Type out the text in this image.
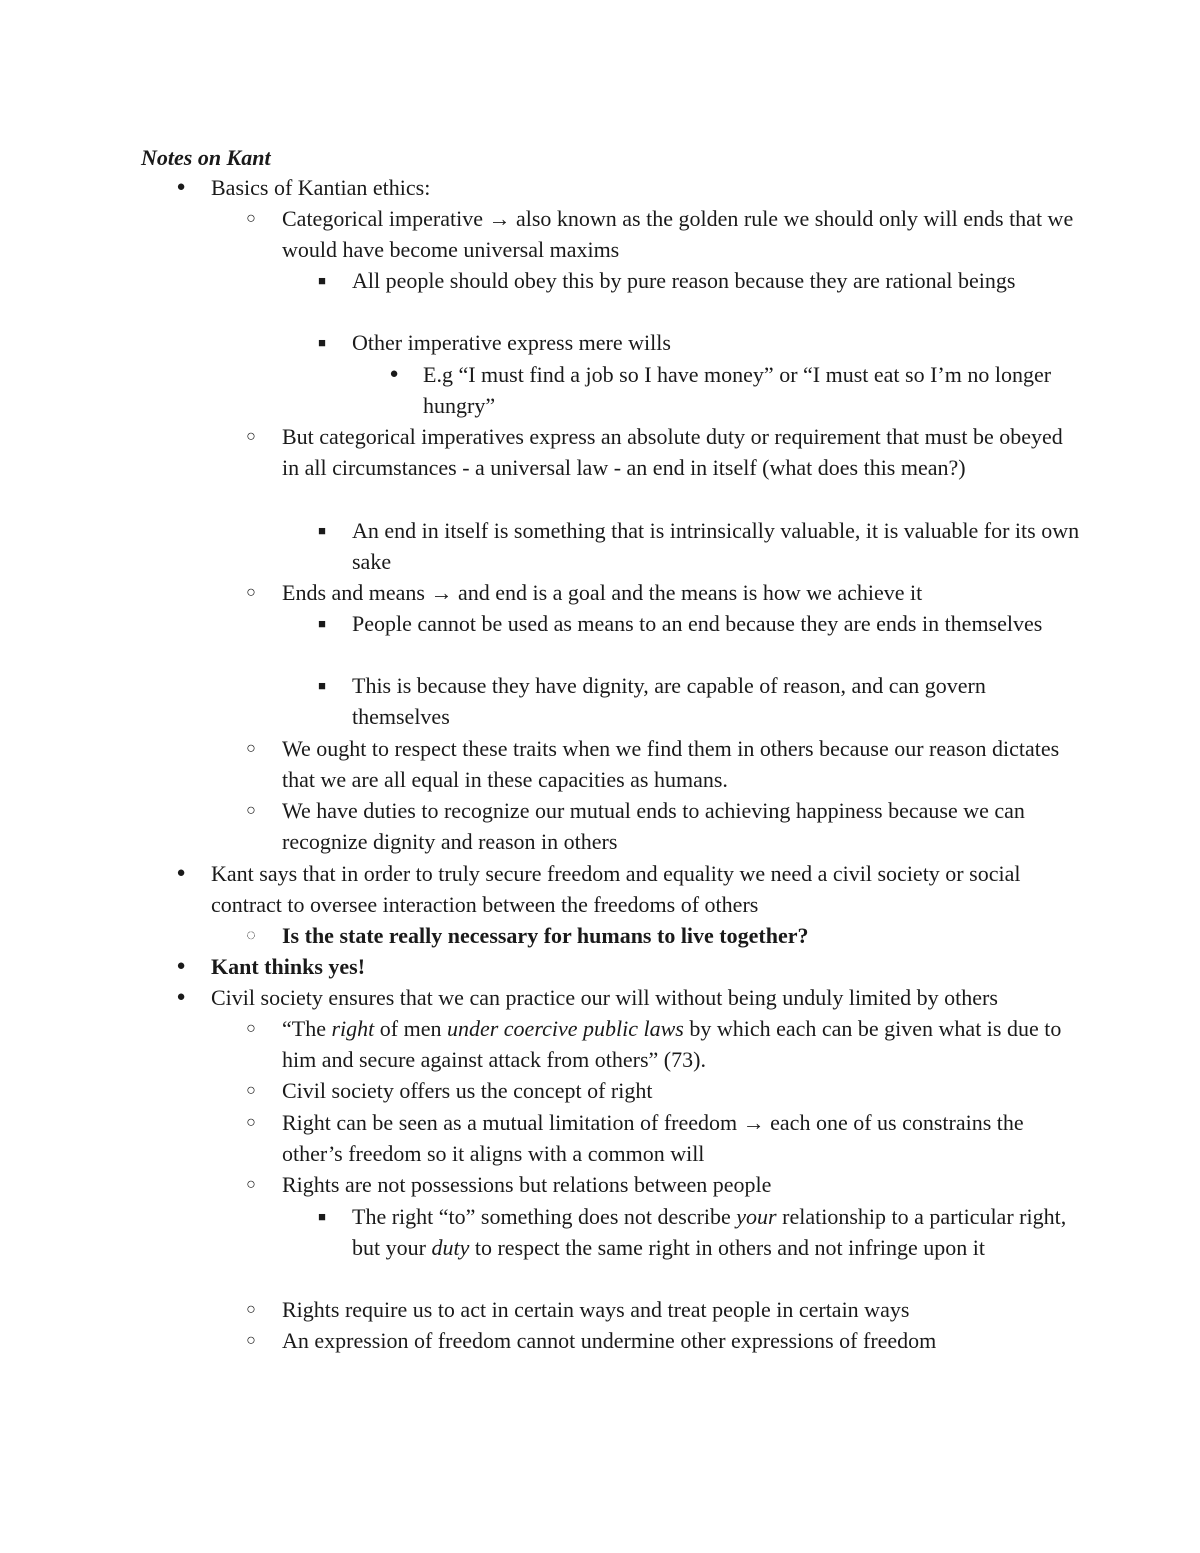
Notes on Kant
● Basics of Kantian ethics:
○ Categorical imperative → also known as the golden rule we should only will ends that we would have become universal maxims
■ All people should obey this by pure reason because they are rational beings
■ Other imperative express mere wills
● E.g “I must find a job so I have money” or “I must eat so I’m no longer hungry”
○ But categorical imperatives express an absolute duty or requirement that must be obeyed in all circumstances - a universal law - an end in itself (what does this mean?)
■ An end in itself is something that is intrinsically valuable, it is valuable for its own sake
○ Ends and means → and end is a goal and the means is how we achieve it
■ People cannot be used as means to an end because they are ends in themselves
■ This is because they have dignity, are capable of reason, and can govern themselves
○ We ought to respect these traits when we find them in others because our reason dictates that we are all equal in these capacities as humans.
○ We have duties to recognize our mutual ends to achieving happiness because we can recognize dignity and reason in others
● Kant says that in order to truly secure freedom and equality we need a civil society or social contract to oversee interaction between the freedoms of others
◌ Is the state really necessary for humans to live together?
● Kant thinks yes!
● Civil society ensures that we can practice our will without being unduly limited by others
○ “The right of men under coercive public laws by which each can be given what is due to him and secure against attack from others” (73).
○ Civil society offers us the concept of right
○ Right can be seen as a mutual limitation of freedom → each one of us constrains the other’s freedom so it aligns with a common will
○ Rights are not possessions but relations between people
■ The right “to” something does not describe your relationship to a particular right, but your duty to respect the same right in others and not infringe upon it
○ Rights require us to act in certain ways and treat people in certain ways
○ An expression of freedom cannot undermine other expressions of freedom
